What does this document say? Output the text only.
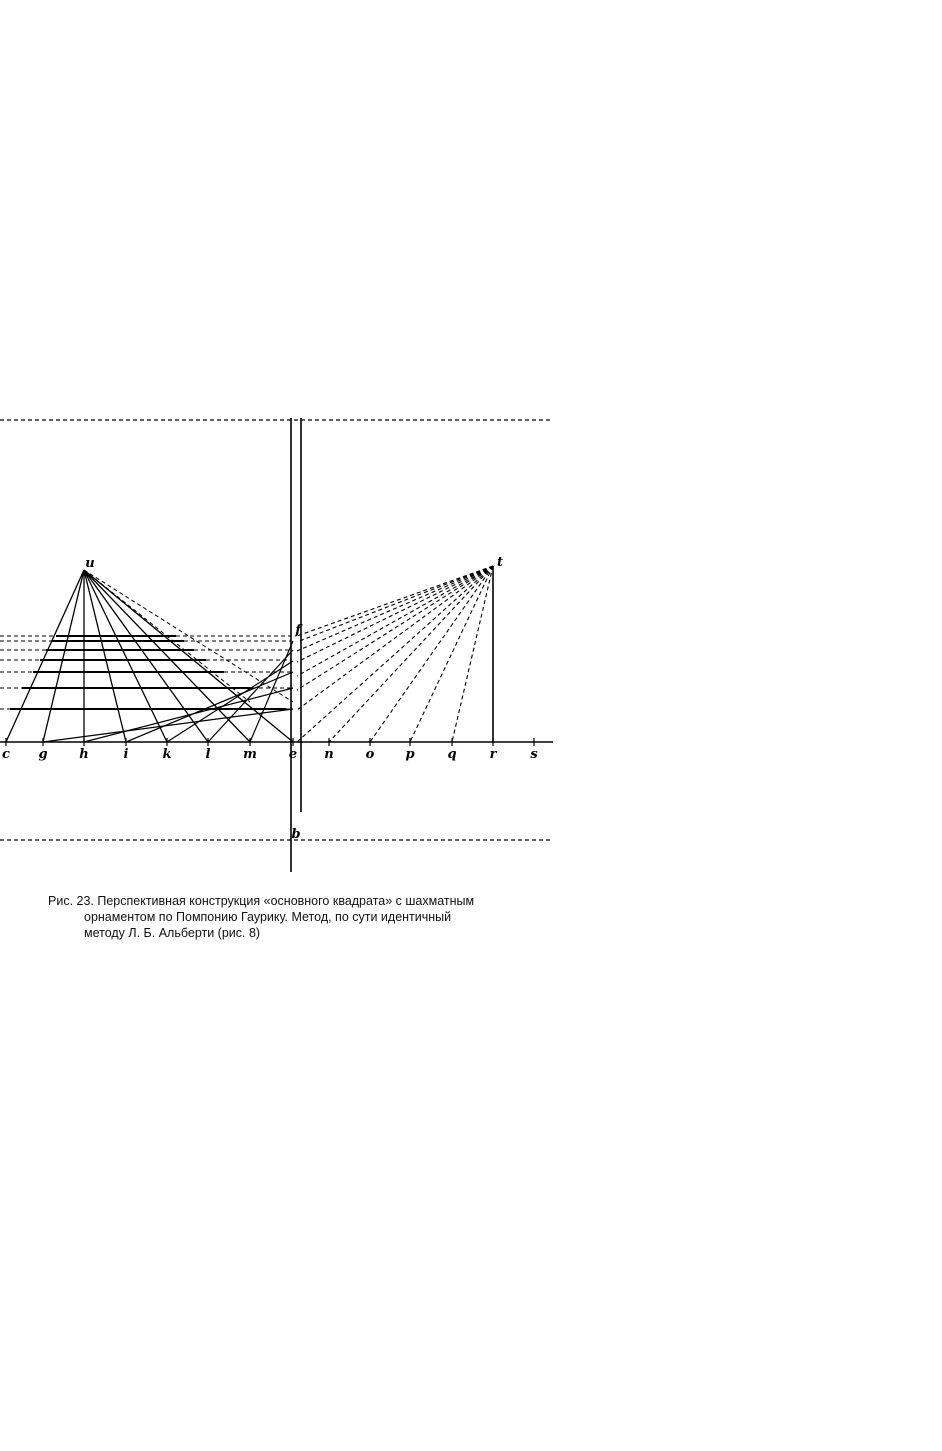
u	t
f
b
c g h	i	k	l	m e n o p	q	r	s
Рис. 23. Перспективная конструкция «основного квадрата» с шахматным
орнаментом по Помпонию Гаурику. Метод, по сути идентичный
методу Л. Б. Альберти (рис. 8)
